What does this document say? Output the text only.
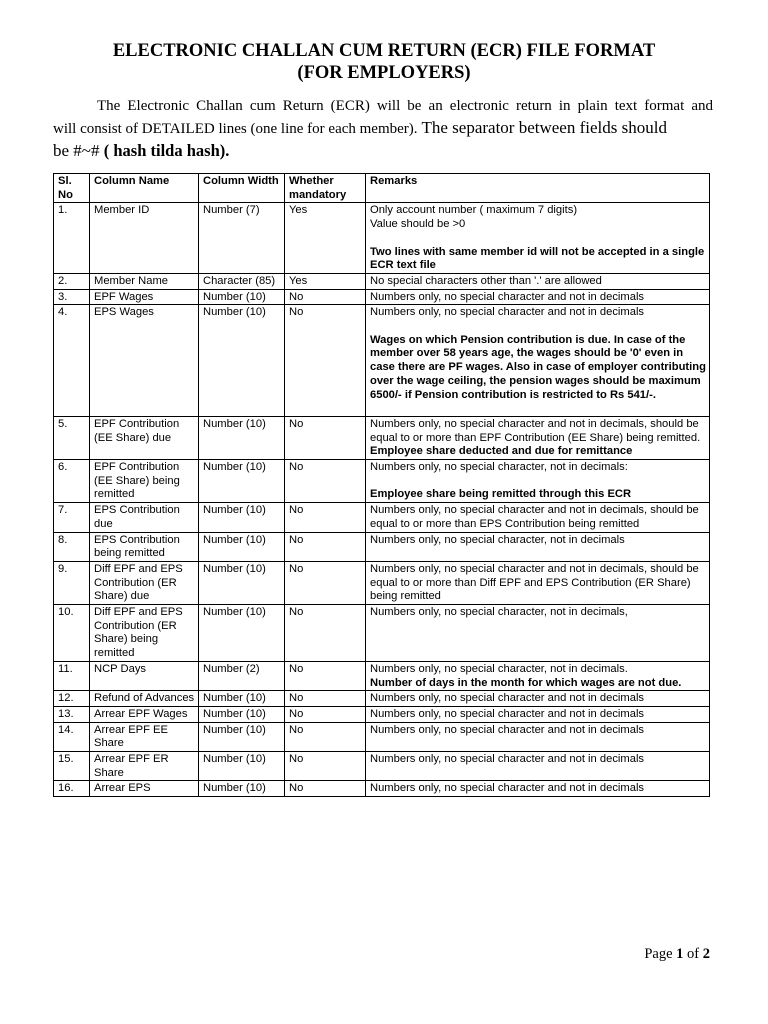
ELECTRONIC CHALLAN CUM RETURN (ECR) FILE FORMAT
(FOR EMPLOYERS)
The Electronic Challan cum Return (ECR) will be an electronic return in plain text format and
will consist of DETAILED lines (one line for each member). The separator between fields should
be #~# ( hash tilda hash).
Sl. No	Column Name	Column Width	Whether mandatory	Remarks
1.	Member ID	Number (7)	Yes	Only account number ( maximum 7 digits)
Value should be >0
Two lines with same member id will not be accepted in a single ECR text file
2.	Member Name	Character (85)	Yes	No special characters other than '.' are allowed
3.	EPF Wages	Number (10)	No	Numbers only, no special character and not in decimals
4.	EPS Wages	Number (10)	No	Numbers only, no special character and not in decimals
Wages on which Pension contribution is due. In case of the member over 58 years age, the wages should be '0' even in case there are PF wages. Also in case of employer contributing over the wage ceiling, the pension wages should be maximum 6500/- if Pension contribution is restricted to Rs 541/-.

5.	EPF Contribution (EE Share) due	Number (10)	No	Numbers only, no special character and not in decimals, should be equal to or more than EPF Contribution (EE Share) being remitted. Employee share deducted and due for remittance
6.	EPF Contribution (EE Share) being remitted	Number (10)	No	Numbers only, no special character, not in decimals:
Employee share being remitted through this ECR
7.	EPS Contribution due	Number (10)	No	Numbers only, no special character and not in decimals, should be equal to or more than EPS Contribution being remitted
8.	EPS Contribution being remitted	Number (10)	No	Numbers only, no special character, not in decimals
9.	Diff EPF and EPS Contribution (ER Share) due	Number (10)	No	Numbers only, no special character and not in decimals, should be equal to or more than Diff EPF and EPS Contribution (ER Share) being remitted
10.	Diff EPF and EPS Contribution (ER Share) being remitted	Number (10)	No	Numbers only, no special character, not in decimals,
11.	NCP Days	Number (2)	No	Numbers only, no special character, not in decimals.
Number of days in the month for which wages are not due.
12.	Refund of Advances	Number (10)	No	Numbers only, no special character and not in decimals
13.	Arrear EPF Wages	Number (10)	No	Numbers only, no special character and not in decimals
14.	Arrear EPF EE Share	Number (10)	No	Numbers only, no special character and not in decimals
15.	Arrear EPF ER Share	Number (10)	No	Numbers only, no special character and not in decimals
16.	Arrear EPS	Number (10)	No	Numbers only, no special character and not in decimals
Page 1 of 2
